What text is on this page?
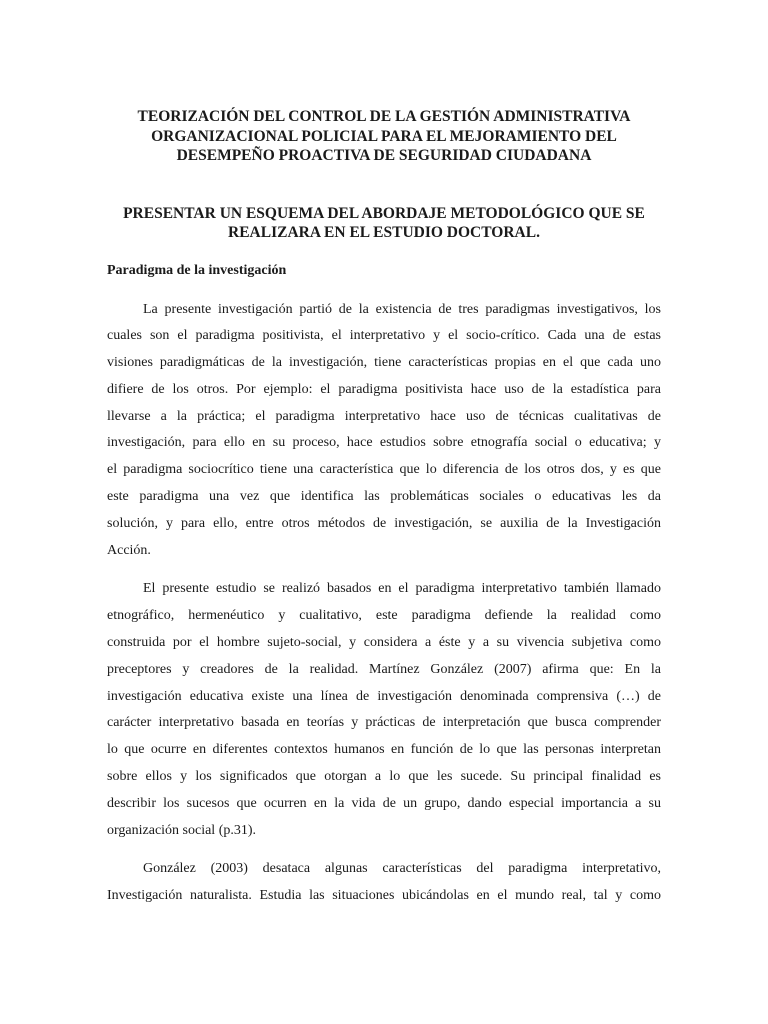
TEORIZACIÓN DEL CONTROL DE LA GESTIÓN ADMINISTRATIVA
ORGANIZACIONAL POLICIAL PARA EL MEJORAMIENTO DEL
DESEMPEÑO PROACTIVA DE SEGURIDAD CIUDADANA
PRESENTAR UN ESQUEMA DEL ABORDAJE METODOLÓGICO QUE SE
REALIZARA EN EL ESTUDIO DOCTORAL.
Paradigma de la investigación
La presente investigación partió de la existencia de tres paradigmas investigativos, los
cuales son el paradigma positivista, el interpretativo y el socio-crítico. Cada una de estas
visiones paradigmáticas de la investigación, tiene características propias en el que cada uno
difiere de los otros. Por ejemplo: el paradigma positivista hace uso de la estadística para
llevarse a la práctica; el paradigma interpretativo hace uso de técnicas cualitativas de
investigación, para ello en su proceso, hace estudios sobre etnografía social o educativa; y
el paradigma sociocrítico tiene una característica que lo diferencia de los otros dos, y es que
este paradigma una vez que identifica las problemáticas sociales o educativas les da
solución, y para ello, entre otros métodos de investigación, se auxilia de la Investigación
Acción.
El presente estudio se realizó basados en el paradigma interpretativo también llamado
etnográfico, hermenéutico y cualitativo, este paradigma defiende la realidad como
construida por el hombre sujeto-social, y considera a éste y a su vivencia subjetiva como
preceptores y creadores de la realidad. Martínez González (2007) afirma que: En la
investigación educativa existe una línea de investigación denominada comprensiva (…) de
carácter interpretativo basada en teorías y prácticas de interpretación que busca comprender
lo que ocurre en diferentes contextos humanos en función de lo que las personas interpretan
sobre ellos y los significados que otorgan a lo que les sucede. Su principal finalidad es
describir los sucesos que ocurren en la vida de un grupo, dando especial importancia a su
organización social (p.31).
González (2003) desataca algunas características del paradigma interpretativo,
Investigación naturalista. Estudia las situaciones ubicándolas en el mundo real, tal y como
